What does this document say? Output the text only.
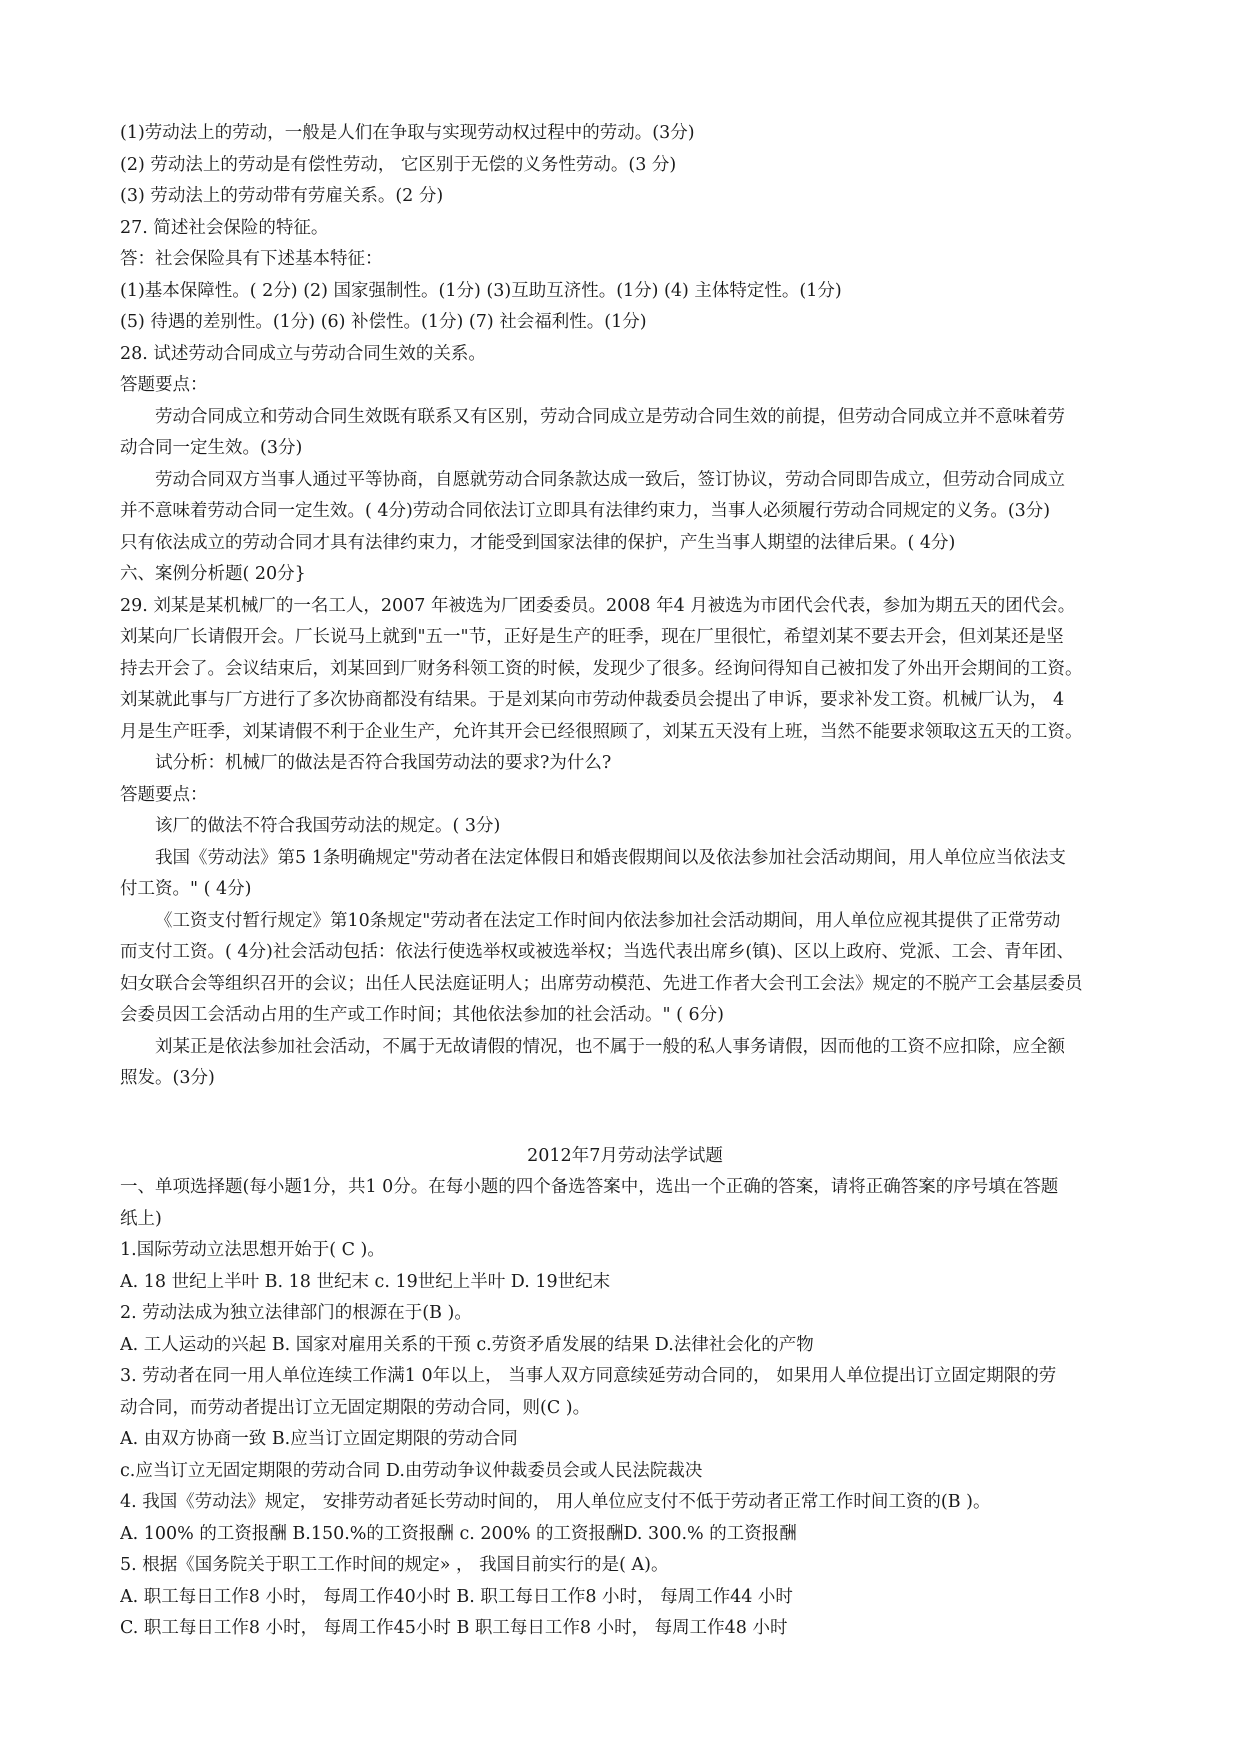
(1)劳动法上的劳动，一般是人们在争取与实现劳动权过程中的劳动。(3分)
(2) 劳动法上的劳动是有偿性劳动， 它区别于无偿的义务性劳动。(3 分)
(3) 劳动法上的劳动带有劳雇关系。(2 分)
27. 简述社会保险的特征。
答：社会保险具有下述基本特征：
(1)基本保障性。( 2分) (2) 国家强制性。(1分) (3)互助互济性。(1分) (4) 主体特定性。(1分)
(5) 待遇的差别性。(1分) (6) 补偿性。(1分) (7) 社会福利性。(1分)
28. 试述劳动合同成立与劳动合同生效的关系。
答题要点：
劳动合同成立和劳动合同生效既有联系又有区别，劳动合同成立是劳动合同生效的前提，但劳动合同成立并不意味着劳
动合同一定生效。(3分)
劳动合同双方当事人通过平等协商，自愿就劳动合同条款达成一致后，签订协议，劳动合同即告成立，但劳动合同成立
并不意味着劳动合同一定生效。( 4分)劳动合同依法订立即具有法律约束力，当事人必须履行劳动合同规定的义务。(3分)
只有依法成立的劳动合同才具有法律约束力，才能受到国家法律的保护，产生当事人期望的法律后果。( 4分)
六、案例分析题( 20分}
29. 刘某是某机械厂的一名工人，2007 年被选为厂团委委员。2008 年4 月被选为市团代会代表，参加为期五天的团代会。
刘某向厂长请假开会。厂长说马上就到"五一"节，正好是生产的旺季，现在厂里很忙，希望刘某不要去开会，但刘某还是坚
持去开会了。会议结束后，刘某回到厂财务科领工资的时候，发现少了很多。经询问得知自己被扣发了外出开会期间的工资。
刘某就此事与厂方进行了多次协商都没有结果。于是刘某向市劳动仲裁委员会提出了申诉，要求补发工资。机械厂认为， 4
月是生产旺季，刘某请假不利于企业生产，允许其开会已经很照顾了，刘某五天没有上班，当然不能要求领取这五天的工资。
试分析：机械厂的做法是否符合我国劳动法的要求?为什么?
答题要点：
该厂的做法不符合我国劳动法的规定。( 3分)
我国《劳动法》第5 1条明确规定"劳动者在法定体假日和婚丧假期间以及依法参加社会活动期间，用人单位应当依法支
付工资。" ( 4分)
《工资支付暂行规定》第10条规定"劳动者在法定工作时间内依法参加社会活动期间，用人单位应视其提供了正常劳动
而支付工资。( 4分)社会活动包括：依法行使选举权或被选举权；当选代表出席乡(镇)、区以上政府、党派、工会、青年团、
妇女联合会等组织召开的会议；出任人民法庭证明人；出席劳动模范、先进工作者大会刊工会法》规定的不脱产工会基层委员
会委员因工会活动占用的生产或工作时间；其他依法参加的社会活动。" ( 6分)
刘某正是依法参加社会活动，不属于无故请假的情况，也不属于一般的私人事务请假，因而他的工资不应扣除，应全额
照发。(3分)
2012年7月劳动法学试题
一、单项选择题(每小题1分，共1 0分。在每小题的四个备选答案中，选出一个正确的答案，请将正确答案的序号填在答题
纸上)
1.国际劳动立法思想开始于( C )。
A. 18 世纪上半叶 B. 18 世纪末 c. 19世纪上半叶 D. 19世纪末
2. 劳动法成为独立法律部门的根源在于(B )。
A. 工人运动的兴起 B. 国家对雇用关系的干预 c.劳资矛盾发展的结果 D.法律社会化的产物
3. 劳动者在同一用人单位连续工作满1 0年以上， 当事人双方同意续延劳动合同的， 如果用人单位提出订立固定期限的劳
动合同，而劳动者提出订立无固定期限的劳动合同，则(C )。
A. 由双方协商一致 B.应当订立固定期限的劳动合同
c.应当订立无固定期限的劳动合同 D.由劳动争议仲裁委员会或人民法院裁决
4. 我国《劳动法》规定， 安排劳动者延长劳动时间的， 用人单位应支付不低于劳动者正常工作时间工资的(B )。
A. 100% 的工资报酬 B.150.%的工资报酬 c. 200% 的工资报酬D. 300.% 的工资报酬
5. 根据《国务院关于职工工作时间的规定» ， 我国目前实行的是( A)。
A. 职工每日工作8 小时， 每周工作40小时 B. 职工每日工作8 小时， 每周工作44 小时
C. 职工每日工作8 小时， 每周工作45小时 B 职工每日工作8 小时， 每周工作48 小时
